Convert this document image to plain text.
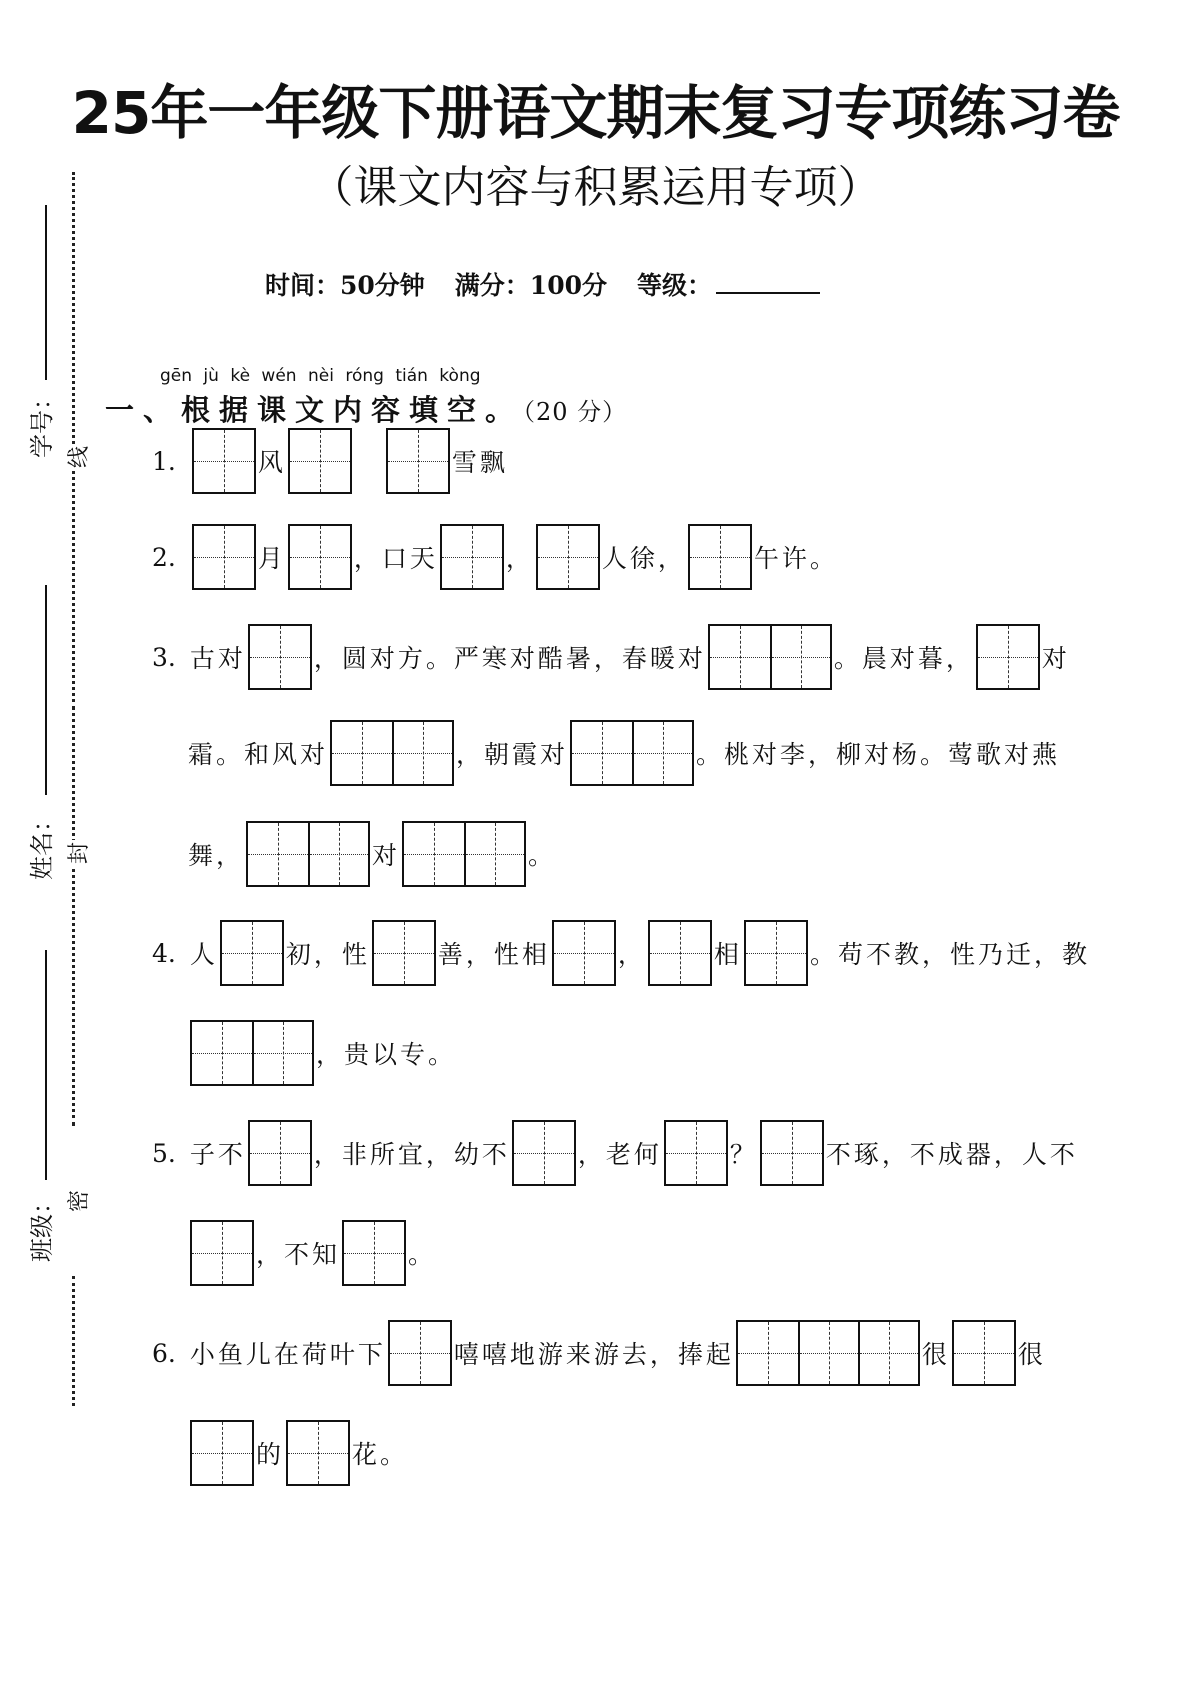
学号： 线
姓名： 封
班级： 密
25年一年级下册语文期末复习专项练习卷
（课文内容与积累运用专项）
时间：50分钟 满分：100分 等级：
gēn jù kè wén nèi róng tián kòng
一、根据课文内容填空。（20 分）
1.	风	雪飘
2.	月	，口天	，	人徐，	午许。
3. 古对	，圆对方。严寒对酷暑，春暖对	。晨对暮，	对
霜。和风对	，朝霞对	。桃对李，柳对杨。莺歌对燕
舞，	对	。
4. 人	初，性	善，性相	，	相	。苟不教，性乃迁，教
，贵以专。
5. 子不	，非所宜，幼不	，老何	？	不琢，不成器，人不
，不知	。
6. 小鱼儿在荷叶下	嘻嘻地游来游去，捧起	很	很
的	花。
